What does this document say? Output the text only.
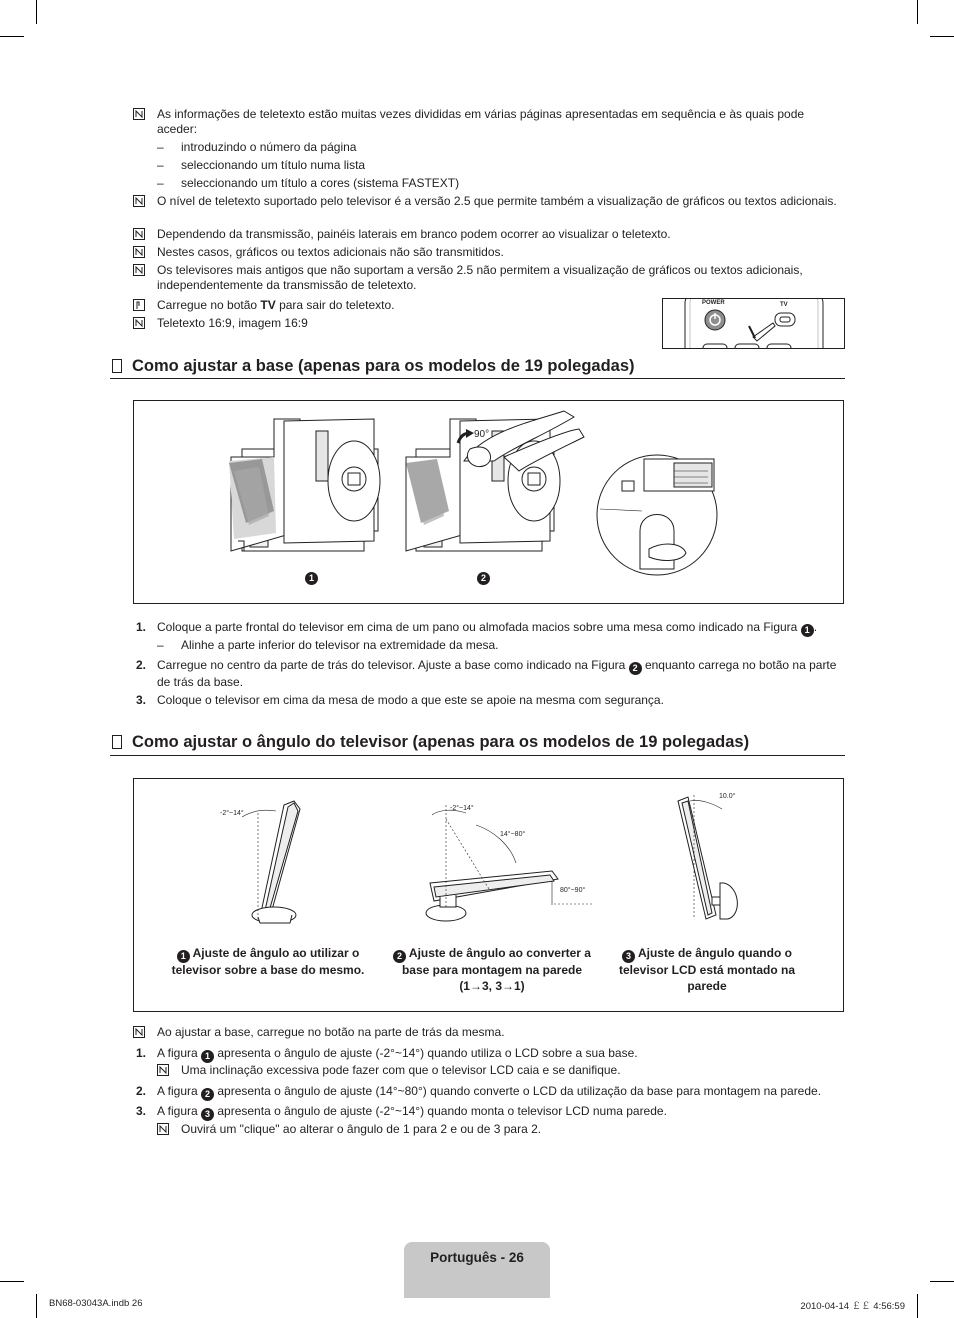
As informações de teletexto estão muitas vezes divididas em várias páginas apresentadas em sequência e às quais pode aceder:
– introduzindo o número da página
– seleccionando um título numa lista
– seleccionando um título a cores (sistema FASTEXT)
O nível de teletexto suportado pelo televisor é a versão 2.5 que permite também a visualização de gráficos ou textos adicionais.
Dependendo da transmissão, painéis laterais em branco podem ocorrer ao visualizar o teletexto.
Nestes casos, gráficos ou textos adicionais não são transmitidos.
Os televisores mais antigos que não suportam a versão 2.5 não permitem a visualização de gráficos ou textos adicionais, independentemente da transmissão de teletexto.
Carregue no botão TV para sair do teletexto.
Teletexto 16:9, imagem 16:9
POWER	TV
Como ajustar a base (apenas para os modelos de 19 polegadas)
90°
1	2
1. Coloque a parte frontal do televisor em cima de um pano ou almofada macios sobre uma mesa como indicado na Figura 1 .
– Alinhe a parte inferior do televisor na extremidade da mesa.
2. Carregue no centro da parte de trás do televisor. Ajuste a base como indicado na Figura 2 enquanto carrega no botão na parte de trás da base.
3. Coloque o televisor em cima da mesa de modo a que este se apoie na mesma com segurança.
Como ajustar o ângulo do televisor (apenas para os modelos de 19 polegadas)
-2°~14°
-2°~14°
14°~80°
80°~90°
10.0°
1 Ajuste de ângulo ao utilizar o televisor sobre a base do mesmo.
2 Ajuste de ângulo ao converter a base para montagem na parede (1→3, 3→1)
3 Ajuste de ângulo quando o televisor LCD está montado na parede
Ao ajustar a base, carregue no botão na parte de trás da mesma.
1. A figura 1 apresenta o ângulo de ajuste (-2°~14°) quando utiliza o LCD sobre a sua base.
Uma inclinação excessiva pode fazer com que o televisor LCD caia e se danifique.
2. A figura 2 apresenta o ângulo de ajuste (14°~80°) quando converte o LCD da utilização da base para montagem na parede.
3. A figura 3 apresenta o ângulo de ajuste (-2°~14°) quando monta o televisor LCD numa parede.
Ouvirá um "clique" ao alterar o ângulo de 1 para 2 e ou de 3 para 2.
Português - 26
BN68-03043A.indb 26	2010-04-14 ￡￡ 4:56:59
